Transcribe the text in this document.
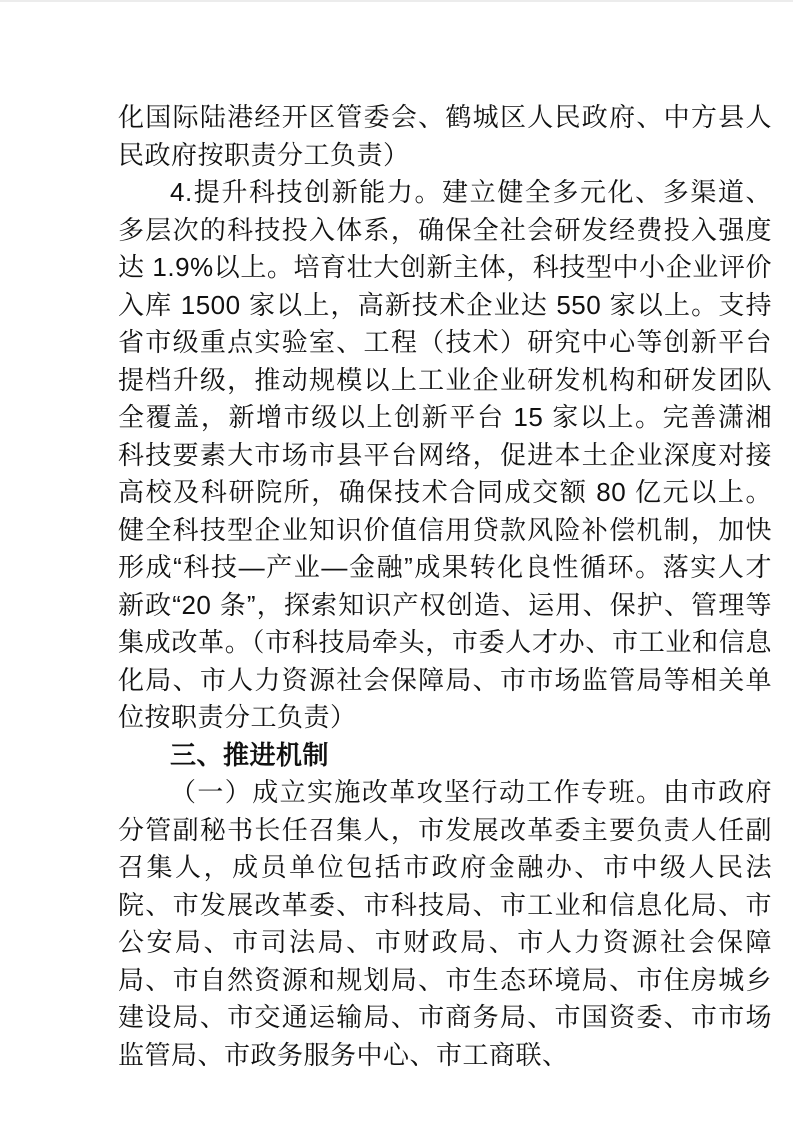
化国际陆港经开区管委会、鹤城区人民政府、中方县人民政府按职责分工负责）

4.提升科技创新能力。建立健全多元化、多渠道、多层次的科技投入体系，确保全社会研发经费投入强度达 1.9%以上。培育壮大创新主体，科技型中小企业评价入库 1500 家以上，高新技术企业达 550 家以上。支持省市级重点实验室、工程（技术）研究中心等创新平台提档升级，推动规模以上工业企业研发机构和研发团队全覆盖，新增市级以上创新平台 15 家以上。完善潇湘科技要素大市场市县平台网络，促进本土企业深度对接高校及科研院所，确保技术合同成交额 80 亿元以上。健全科技型企业知识价值信用贷款风险补偿机制，加快形成“科技—产业—金融”成果转化良性循环。落实人才新政“20 条”，探索知识产权创造、运用、保护、管理等集成改革。（市科技局牵头，市委人才办、市工业和信息化局、市人力资源社会保障局、市市场监管局等相关单位按职责分工负责）

三、推进机制

（一）成立实施改革攻坚行动工作专班。由市政府分管副秘书长任召集人，市发展改革委主要负责人任副召集人，成员单位包括市政府金融办、市中级人民法院、市发展改革委、市科技局、市工业和信息化局、市公安局、市司法局、市财政局、市人力资源社会保障局、市自然资源和规划局、市生态环境局、市住房城乡建设局、市交通运输局、市商务局、市国资委、市市场监管局、市政务服务中心、市工商联、
